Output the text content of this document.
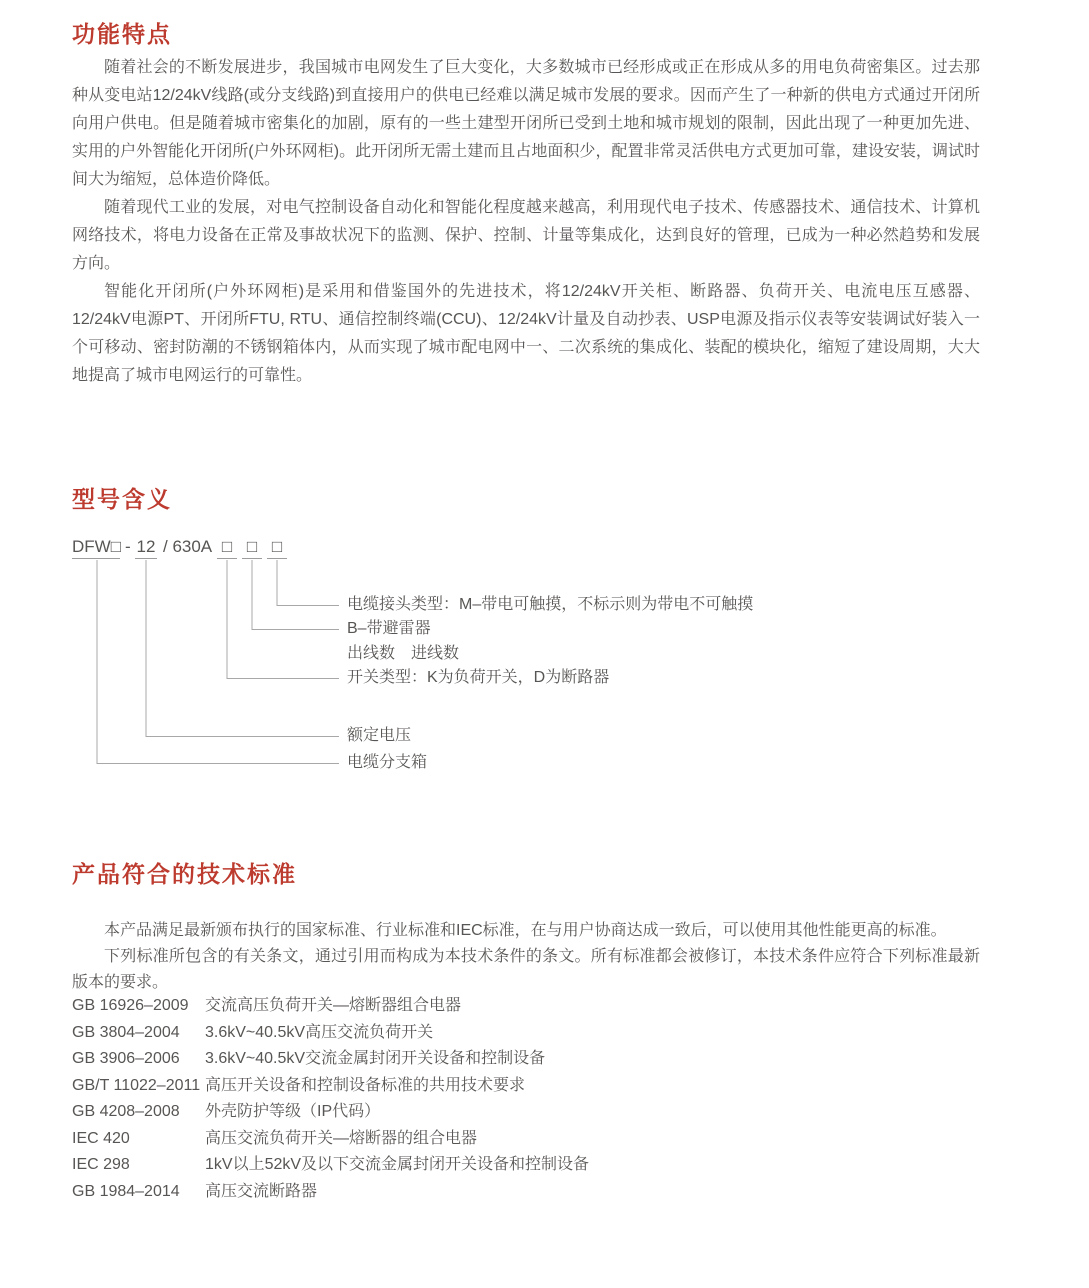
功能特点

随着社会的不断发展进步，我国城市电网发生了巨大变化，大多数城市已经形成或正在形成从多的用电负荷密集区。过去那种从变电站12/24kV线路(或分支线路)到直接用户的供电已经难以满足城市发展的要求。因而产生了一种新的供电方式通过开闭所向用户供电。但是随着城市密集化的加剧，原有的一些土建型开闭所已受到土地和城市规划的限制，因此出现了一种更加先进、实用的户外智能化开闭所(户外环网柜)。此开闭所无需土建而且占地面积少，配置非常灵活供电方式更加可靠，建设安装，调试时间大为缩短，总体造价降低。

随着现代工业的发展，对电气控制设备自动化和智能化程度越来越高，利用现代电子技术、传感器技术、通信技术、计算机网络技术，将电力设备在正常及事故状况下的监测、保护、控制、计量等集成化，达到良好的管理，已成为一种必然趋势和发展方向。

智能化开闭所(户外环网柜)是采用和借鉴国外的先进技术，将12/24kV开关柜、断路器、负荷开关、电流电压互感器、12/24kV电源PT、开闭所FTU, RTU、通信控制终端(CCU)、12/24kV计量及自动抄表、USP电源及指示仪表等安装调试好装入一个可移动、密封防潮的不锈钢箱体内，从而实现了城市配电网中一、二次系统的集成化、装配的模块化，缩短了建设周期，大大地提高了城市电网运行的可靠性。

型号含义
DFW□ - 12 / 630A □ □ □
电缆接头类型：M–带电可触摸，不标示则为带电不可触摸
B–带避雷器
出线数　进线数
开关类型：K为负荷开关，D为断路器
额定电压
电缆分支箱
产品符合的技术标准

本产品满足最新颁布执行的国家标准、行业标准和IEC标准，在与用户协商达成一致后，可以使用其他性能更高的标准。

下列标准所包含的有关条文，通过引用而构成为本技术条件的条文。所有标准都会被修订，本技术条件应符合下列标准最新版本的要求。

GB 16926–2009	交流高压负荷开关—熔断器组合电器
GB 3804–2004	3.6kV~40.5kV高压交流负荷开关
GB 3906–2006	3.6kV~40.5kV交流金属封闭开关设备和控制设备
GB/T 11022–2011 高压开关设备和控制设备标准的共用技术要求
GB 4208–2008	外壳防护等级（IP代码）
IEC 420	高压交流负荷开关—熔断器的组合电器
IEC 298	1kV以上52kV及以下交流金属封闭开关设备和控制设备
GB 1984–2014	高压交流断路器
